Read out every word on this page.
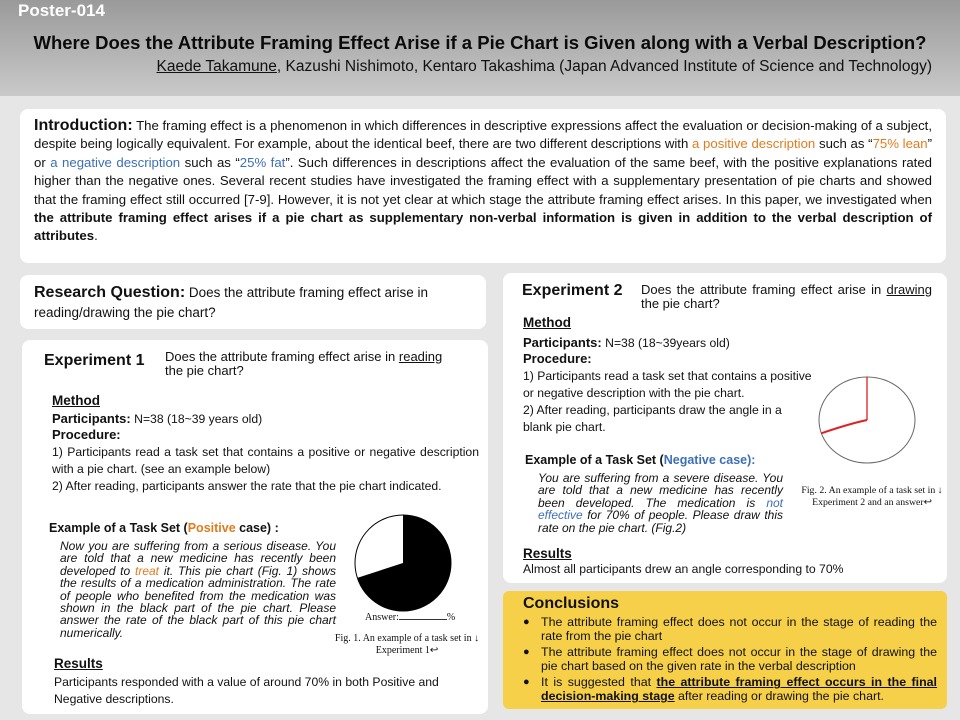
Poster-014
Where Does the Attribute Framing Effect Arise if a Pie Chart is Given along with a Verbal Description?
Kaede Takamune, Kazushi Nishimoto, Kentaro Takashima (Japan Advanced Institute of Science and Technology)

Introduction: The framing effect is a phenomenon in which differences in descriptive expressions affect the evaluation or decision-making of a subject, despite being logically equivalent. For example, about the identical beef, there are two different descriptions with a positive description such as “75% lean” or a negative description such as “25% fat”. Such differences in descriptions affect the evaluation of the same beef, with the positive explanations rated higher than the negative ones. Several recent studies have investigated the framing effect with a supplementary presentation of pie charts and showed that the framing effect still occurred [7-9]. However, it is not yet clear at which stage the attribute framing effect arises. In this paper, we investigated when the attribute framing effect arises if a pie chart as supplementary non-verbal information is given in addition to the verbal description of attributes.

Research Question: Does the attribute framing effect arise in reading/drawing the pie chart?

Experiment 1 Does the attribute framing effect arise in reading
the pie chart?
Method
Participants: N=38 (18~39 years old)
Procedure:
1) Participants read a task set that contains a positive or negative description with a pie chart. (see an example below)
2) After reading, participants answer the rate that the pie chart indicated.
Example of a Task Set (Positive case) :
Now you are suffering from a serious disease. You are told that a new medicine has recently been developed to treat it. This pie chart (Fig. 1) shows the results of a medication administration. The rate of people who benefited from the medication was shown in the black part of the pie chart. Please answer the rate of the black part of this pie chart numerically.
Answer:	%
Fig. 1. An example of a task set in ↓
Experiment 1↩
Results
Participants responded with a value of around 70% in both Positive and Negative descriptions.
Experiment 2 Does the attribute framing effect arise in drawing the pie chart?
Method
Participants: N=38 (18~39years old)
Procedure:
1) Participants read a task set that contains a positive or negative description with the pie chart.
2) After reading, participants draw the angle in a blank pie chart.
Example of a Task Set (Negative case):
You are suffering from a severe disease. You are told that a new medicine has recently been developed. The medication is not effective for 70% of people. Please draw this rate on the pie chart. (Fig.2)
Fig. 2. An example of a task set in ↓
Experiment 2 and an answer↩
Results
Almost all participants drew an angle corresponding to 70%
Conclusions
● The attribute framing effect does not occur in the stage of reading the rate from the pie chart
● The attribute framing effect does not occur in the stage of drawing the pie chart based on the given rate in the verbal description
● It is suggested that the attribute framing effect occurs in the final decision-making stage after reading or drawing the pie chart.
